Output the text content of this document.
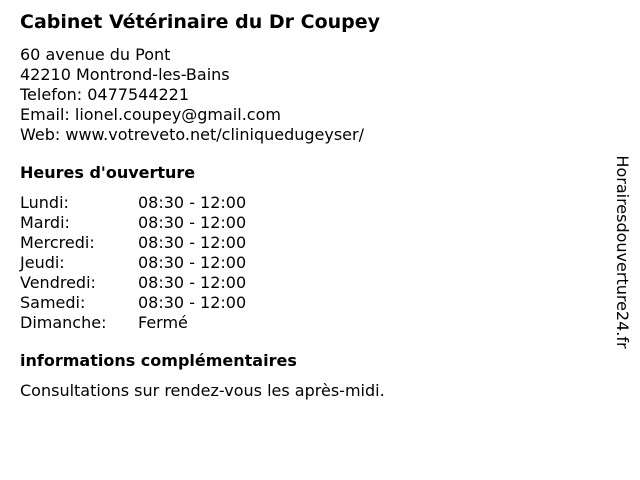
Cabinet Vétérinaire du Dr Coupey
60 avenue du Pont
42210 Montrond-les-Bains
Telefon: 0477544221
Email: lionel.coupey@gmail.com
Web: www.votreveto.net/cliniquedugeyser/
Heures d'ouverture
Lundi:	08:30 - 12:00
Mardi:	08:30 - 12:00
Mercredi:	08:30 - 12:00
Jeudi:	08:30 - 12:00
Vendredi:	08:30 - 12:00
Samedi:	08:30 - 12:00
Dimanche:	Fermé
informations complémentaires
Consultations sur rendez-vous les après-midi.
Horairesdouverture24.fr
